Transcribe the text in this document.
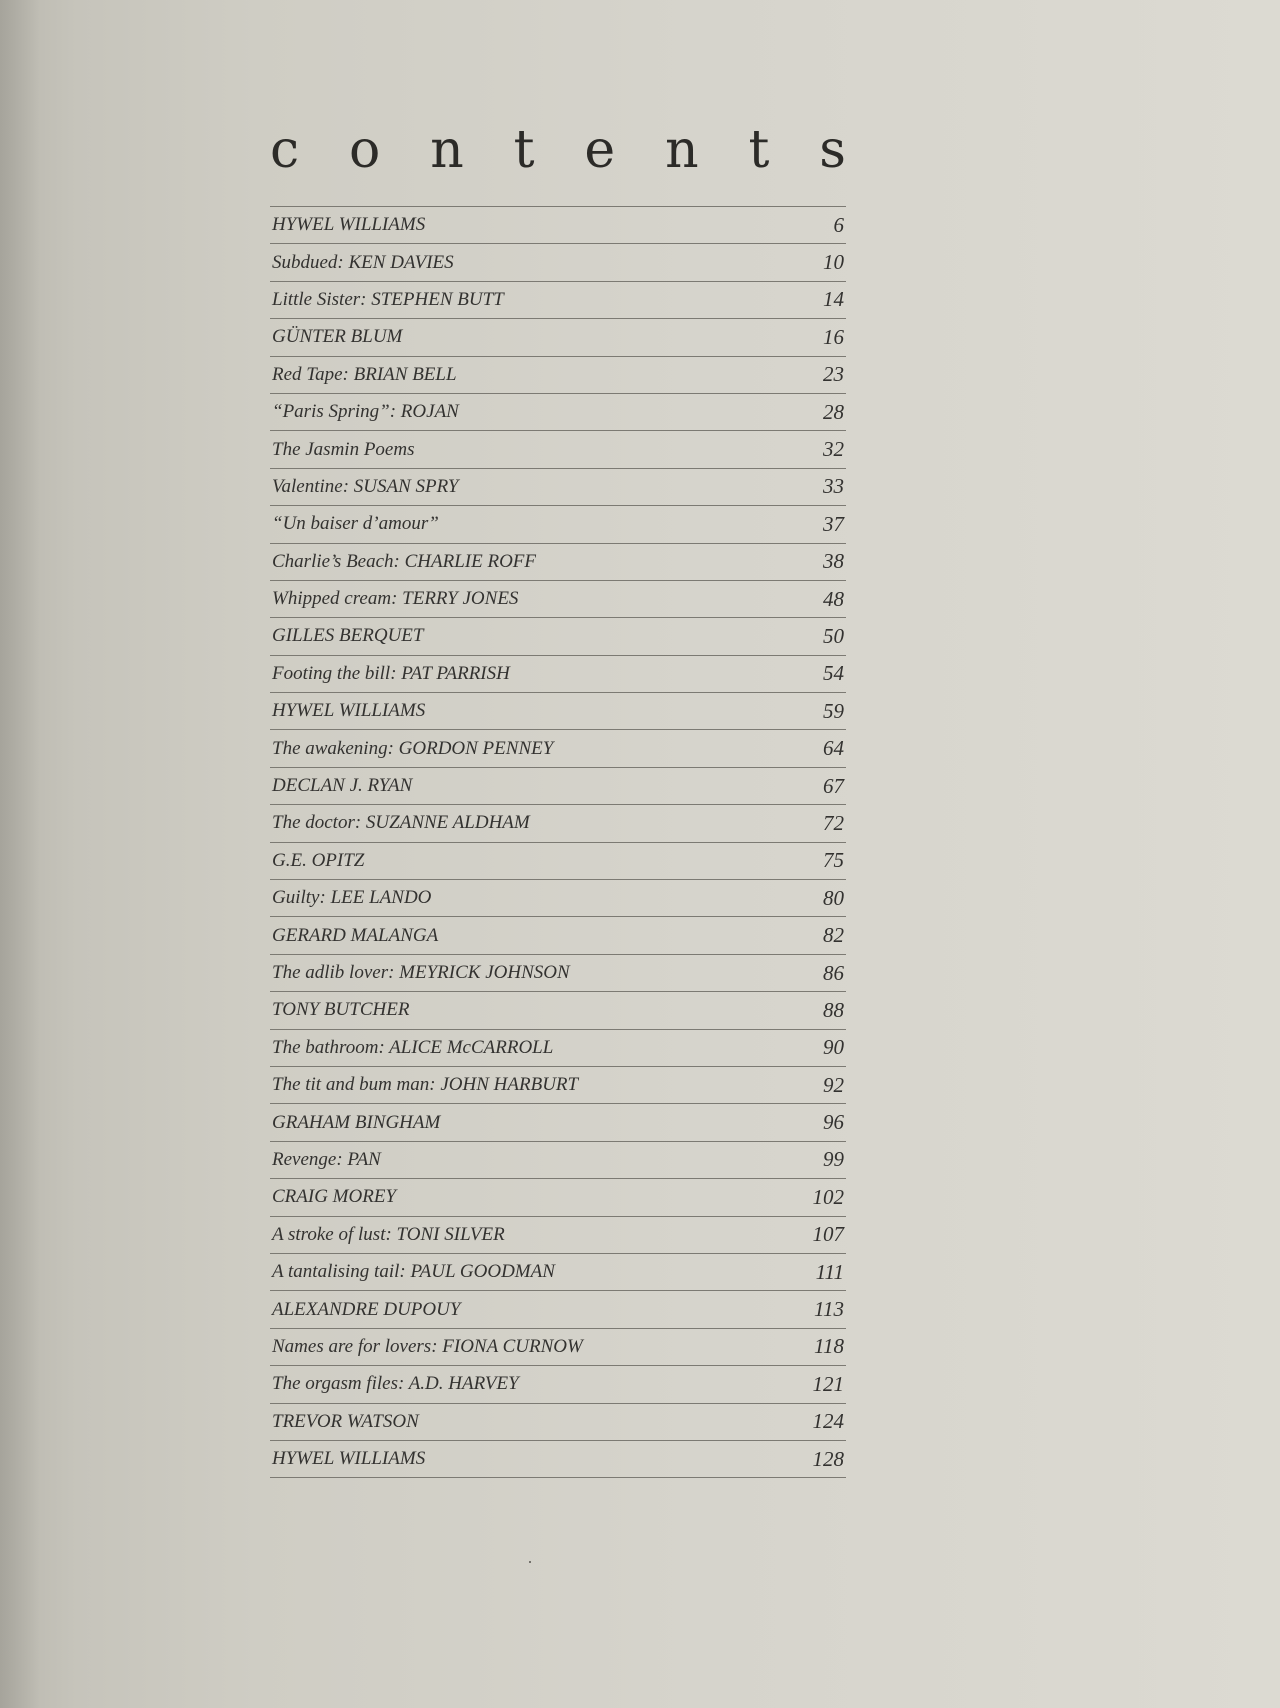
c o n t e n t s
HYWEL WILLIAMS	6
Subdued: KEN DAVIES	10
Little Sister: STEPHEN BUTT	14
GÜNTER BLUM	16
Red Tape: BRIAN BELL	23
“Paris Spring”: ROJAN	28
The Jasmin Poems	32
Valentine: SUSAN SPRY	33
“Un baiser d’amour”	37
Charlie’s Beach: CHARLIE ROFF	38
Whipped cream: TERRY JONES	48
GILLES BERQUET	50
Footing the bill: PAT PARRISH	54
HYWEL WILLIAMS	59
The awakening: GORDON PENNEY	64
DECLAN J. RYAN	67
The doctor: SUZANNE ALDHAM	72
G.E. OPITZ	75
Guilty: LEE LANDO	80
GERARD MALANGA	82
The adlib lover: MEYRICK JOHNSON	86
TONY BUTCHER	88
The bathroom: ALICE McCARROLL	90
The tit and bum man: JOHN HARBURT	92
GRAHAM BINGHAM	96
Revenge: PAN	99
CRAIG MOREY	102
A stroke of lust: TONI SILVER	107
A tantalising tail: PAUL GOODMAN	111
ALEXANDRE DUPOUY	113
Names are for lovers: FIONA CURNOW	118
The orgasm files: A.D. HARVEY	121
TREVOR WATSON	124
HYWEL WILLIAMS	128
